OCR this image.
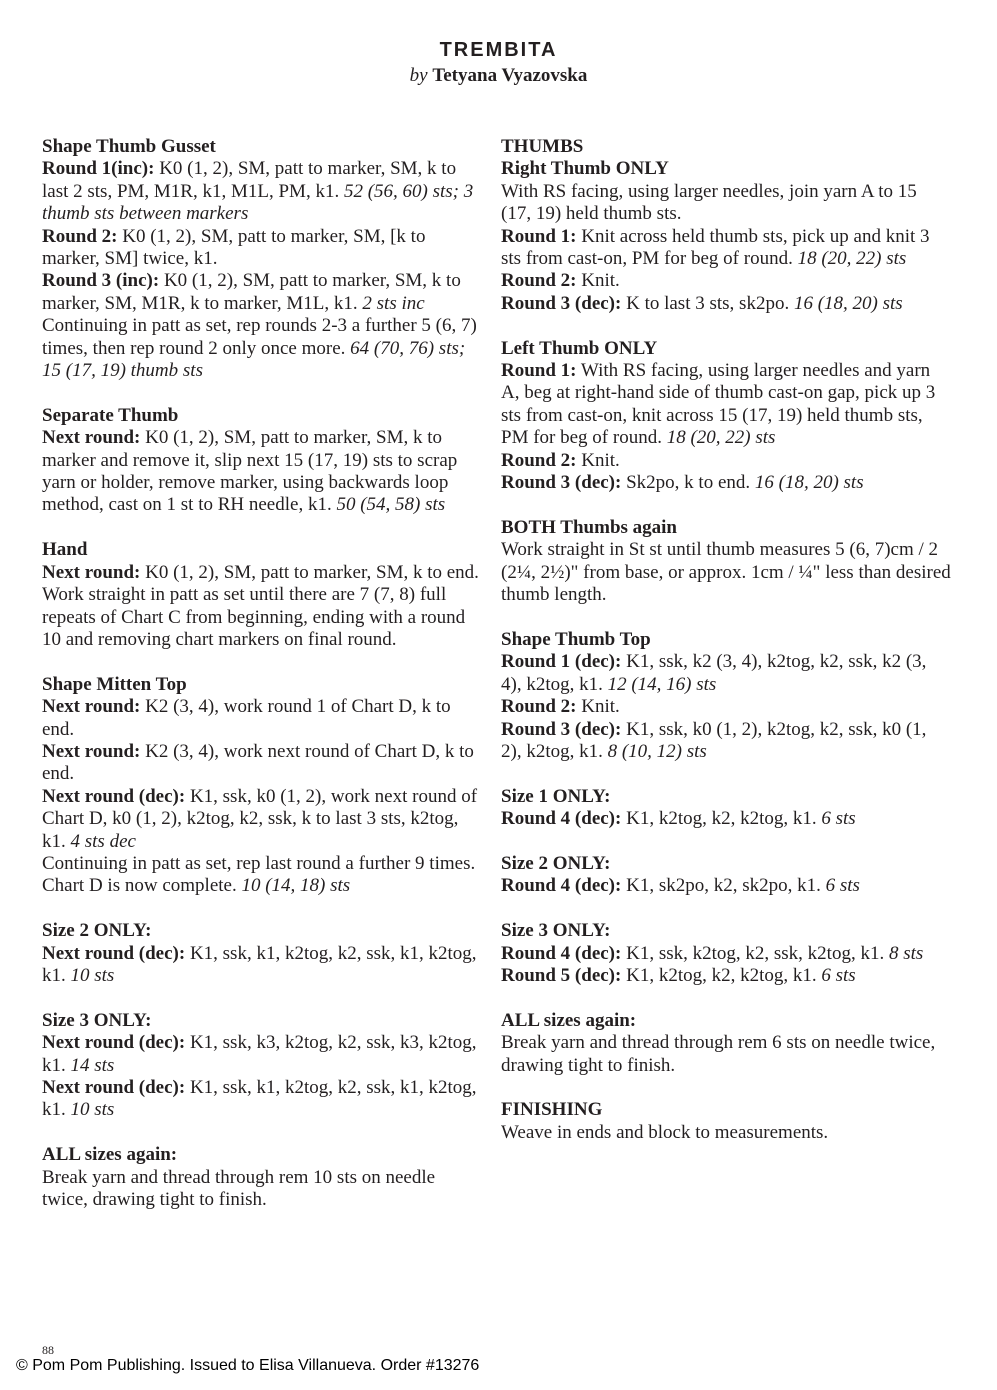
TREMBITA
by Tetyana Vyazovska

Shape Thumb Gusset

Round 1(inc): K0 (1, 2), SM, patt to marker, SM, k to last 2 sts, PM, M1R, k1, M1L, PM, k1. 52 (56, 60) sts; 3 thumb sts between markers

Round 2: K0 (1, 2), SM, patt to marker, SM, [k to marker, SM] twice, k1.

Round 3 (inc): K0 (1, 2), SM, patt to marker, SM, k to marker, SM, M1R, k to marker, M1L, k1. 2 sts inc

Continuing in patt as set, rep rounds 2-3 a further 5 (6, 7) times, then rep round 2 only once more. 64 (70, 76) sts; 15 (17, 19) thumb sts

Separate Thumb

Next round: K0 (1, 2), SM, patt to marker, SM, k to marker and remove it, slip next 15 (17, 19) sts to scrap yarn or holder, remove marker, using backwards loop method, cast on 1 st to RH needle, k1. 50 (54, 58) sts

Hand

Next round: K0 (1, 2), SM, patt to marker, SM, k to end.

Work straight in patt as set until there are 7 (7, 8) full repeats of Chart C from beginning, ending with a round 10 and removing chart markers on final round.

Shape Mitten Top

Next round: K2 (3, 4), work round 1 of Chart D, k to end.

Next round: K2 (3, 4), work next round of Chart D, k to end.

Next round (dec): K1, ssk, k0 (1, 2), work next round of Chart D, k0 (1, 2), k2tog, k2, ssk, k to last 3 sts, k2tog, k1. 4 sts dec

Continuing in patt as set, rep last round a further 9 times. Chart D is now complete. 10 (14, 18) sts

Size 2 ONLY:

Next round (dec): K1, ssk, k1, k2tog, k2, ssk, k1, k2tog, k1. 10 sts

Size 3 ONLY:

Next round (dec): K1, ssk, k3, k2tog, k2, ssk, k3, k2tog, k1. 14 sts

Next round (dec): K1, ssk, k1, k2tog, k2, ssk, k1, k2tog, k1. 10 sts

ALL sizes again:

Break yarn and thread through rem 10 sts on needle twice, drawing tight to finish.

THUMBS

Right Thumb ONLY

With RS facing, using larger needles, join yarn A to 15 (17, 19) held thumb sts.

Round 1: Knit across held thumb sts, pick up and knit 3 sts from cast-on, PM for beg of round. 18 (20, 22) sts

Round 2: Knit.

Round 3 (dec): K to last 3 sts, sk2po. 16 (18, 20) sts

Left Thumb ONLY

Round 1: With RS facing, using larger needles and yarn A, beg at right-hand side of thumb cast-on gap, pick up 3 sts from cast-on, knit across 15 (17, 19) held thumb sts, PM for beg of round. 18 (20, 22) sts

Round 2: Knit.

Round 3 (dec): Sk2po, k to end. 16 (18, 20) sts

BOTH Thumbs again

Work straight in St st until thumb measures 5 (6, 7)cm / 2 (2¼, 2½)" from base, or approx. 1cm / ¼" less than desired thumb length.

Shape Thumb Top

Round 1 (dec): K1, ssk, k2 (3, 4), k2tog, k2, ssk, k2 (3, 4), k2tog, k1. 12 (14, 16) sts

Round 2: Knit.

Round 3 (dec): K1, ssk, k0 (1, 2), k2tog, k2, ssk, k0 (1, 2), k2tog, k1. 8 (10, 12) sts

Size 1 ONLY:

Round 4 (dec): K1, k2tog, k2, k2tog, k1. 6 sts

Size 2 ONLY:

Round 4 (dec): K1, sk2po, k2, sk2po, k1. 6 sts

Size 3 ONLY:

Round 4 (dec): K1, ssk, k2tog, k2, ssk, k2tog, k1. 8 sts

Round 5 (dec): K1, k2tog, k2, k2tog, k1. 6 sts

ALL sizes again:

Break yarn and thread through rem 6 sts on needle twice, drawing tight to finish.

FINISHING

Weave in ends and block to measurements.

88
© Pom Pom Publishing. Issued to Elisa Villanueva. Order #13276
